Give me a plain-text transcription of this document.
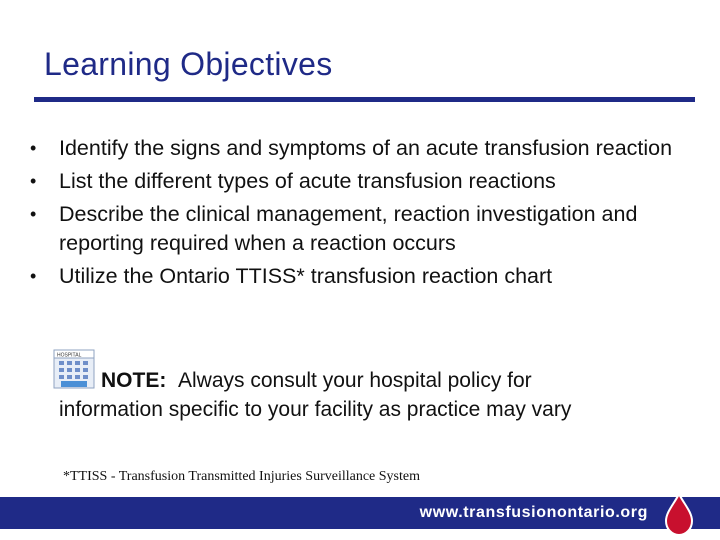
Learning Objectives
• Identify the signs and symptoms of an acute transfusion reaction
• List the different types of acute transfusion reactions
• Describe the clinical management, reaction investigation and reporting required when a reaction occurs
• Utilize the Ontario TTISS* transfusion reaction chart
HOSPITAL
NOTE: Always consult your hospital policy for
information specific to your facility as practice may vary
*TTISS - Transfusion Transmitted Injuries Surveillance System
www.transfusionontario.org
